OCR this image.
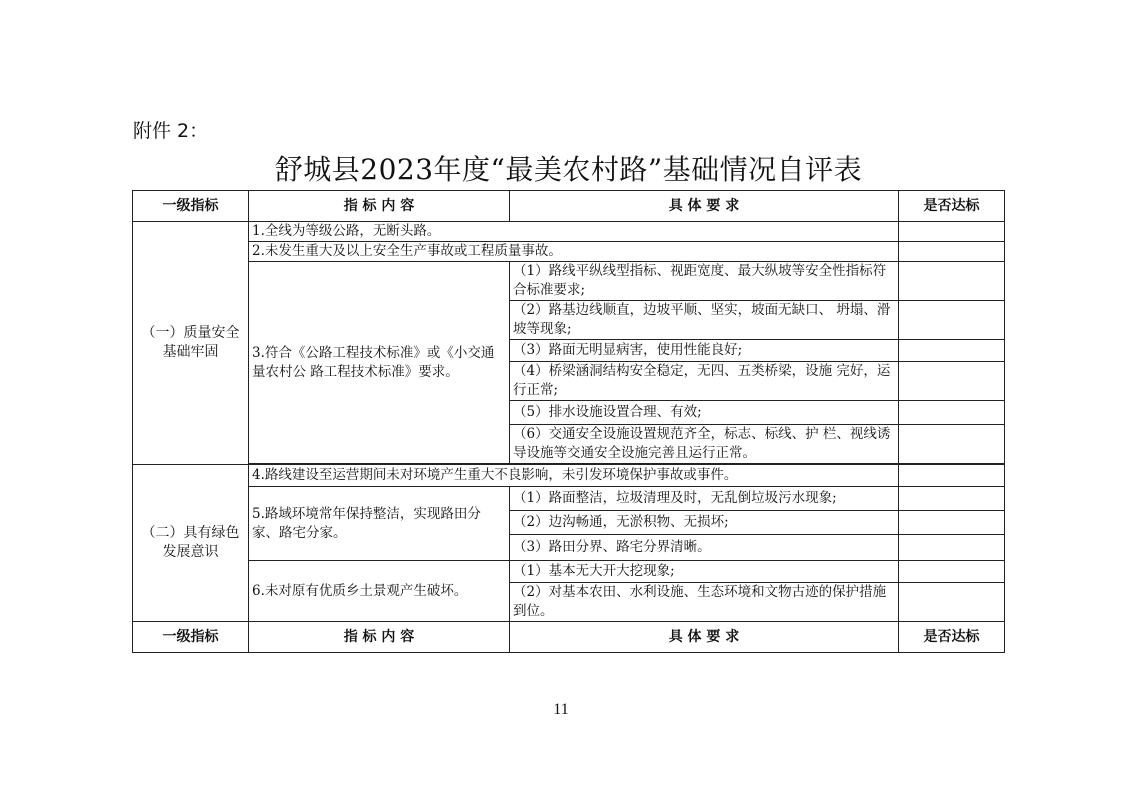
附件 2：
舒城县2023年度“最美农村路”基础情况自评表
一级指标	指 标 内 容	具 体 要 求	是否达标
（一）质量安全基础牢固	1.全线为等级公路，无断头路。		
	2.未发生重大及以上安全生产事故或工程质量事故。		
	3.符合《公路工程技术标准》或《小交通量农村公 路工程技术标准》要求。	（1）路线平纵线型指标、视距宽度、最大纵坡等安全性指标符合标准要求;	
		（2）路基边线顺直，边坡平顺、坚实，坡面无缺口、 坍塌、滑坡等现象;	
		（3）路面无明显病害，使用性能良好;	
		（4）桥梁涵洞结构安全稳定，无四、五类桥梁，设施 完好，运行正常;	
		（5）排水设施设置合理、有效;	
		（6）交通安全设施设置规范齐全，标志、标线、护 栏、视线诱导设施等交通安全设施完善且运行正常。	

（二）具有绿色发展意识	4.路线建设至运营期间未对环境产生重大不良影响，未引发环境保护事故或事件。		
	5.路域环境常年保持整洁，实现路田分家、路宅分家。	（1）路面整洁，垃圾清理及时，无乱倒垃圾污水现象;	
		（2）边沟畅通，无淤积物、无损坏;	
		（3）路田分界、路宅分界清晰。	
	6.未对原有优质乡土景观产生破坏。	（1）基本无大开大挖现象;	
		（2）对基本农田、水利设施、生态环境和文物古迹的保护措施到位。	
一级指标	指 标 内 容	具 体 要 求	是否达标
11
